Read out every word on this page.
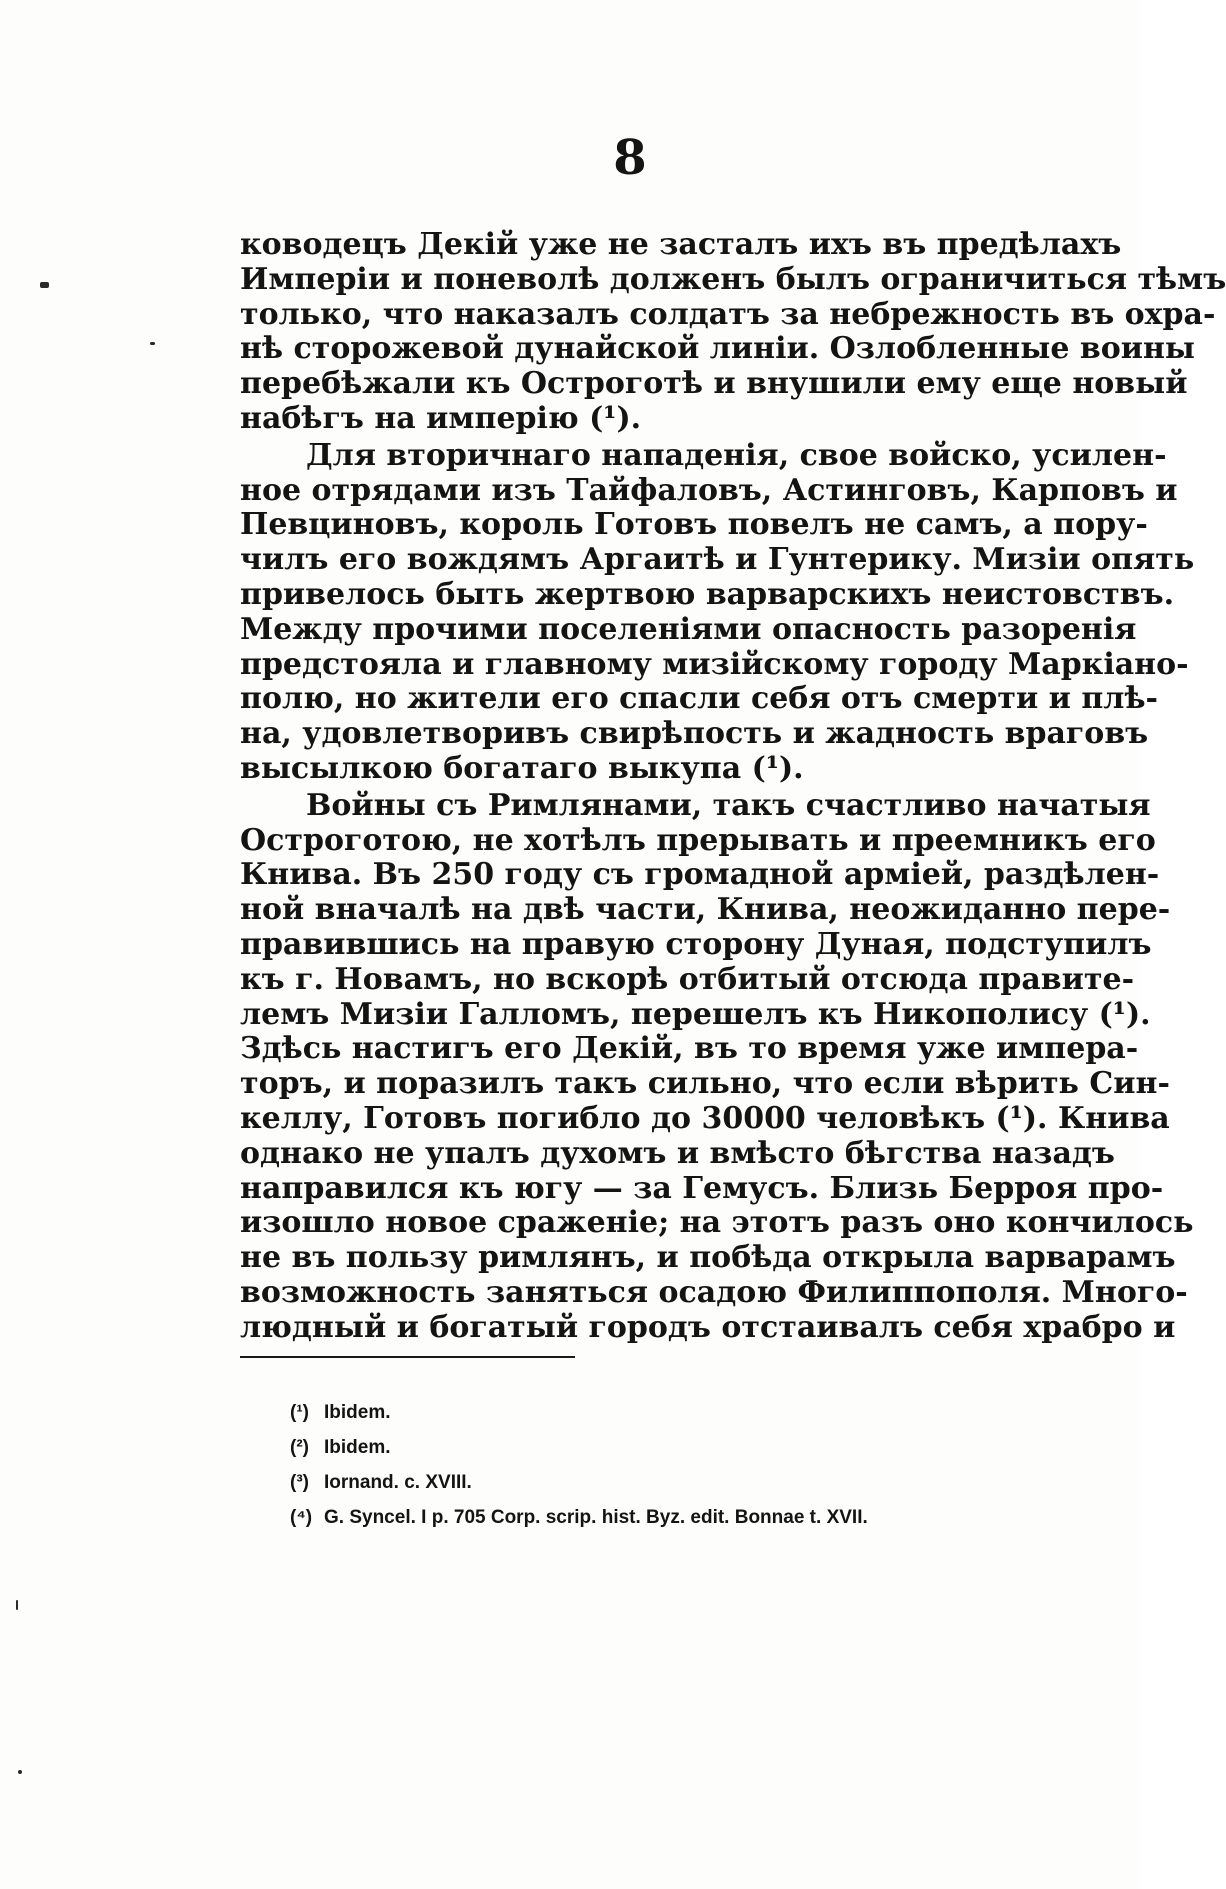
8
ководецъ Декій уже не засталъ ихъ въ предѣлахъ
Имперіи и поневолѣ долженъ былъ ограничиться тѣмъ
только, что наказалъ солдатъ за небрежность въ охра-
нѣ сторожевой дунайской линіи. Озлобленные воины
перебѣжали къ Остроготѣ и внушили ему еще новый
набѣгъ на имперію (¹).
Для вторичнаго нападенія, свое войско, усилен-
ное отрядами изъ Тайфаловъ, Астинговъ, Карповъ и
Певциновъ, король Готовъ повелъ не самъ, а пору-
чилъ его вождямъ Аргаитѣ и Гунтерику. Мизіи опять
привелось быть жертвою варварскихъ неистовствъ.
Между прочими поселеніями опасность разоренія
предстояла и главному мизійскому городу Маркіано-
полю, но жители его спасли себя отъ смерти и плѣ-
на, удовлетворивъ свирѣпость и жадность враговъ
высылкою богатаго выкупа (¹).
Войны съ Римлянами, такъ счастливо начатыя
Остроготою, не хотѣлъ прерывать и преемникъ его
Книва. Въ 250 году съ громадной арміей, раздѣлен-
ной вначалѣ на двѣ части, Книва, неожиданно пере-
правившись на правую сторону Дуная, подступилъ
къ г. Новамъ, но вскорѣ отбитый отсюда правите-
лемъ Мизіи Галломъ, перешелъ къ Никополису (¹).
Здѣсь настигъ его Декій, въ то время уже импера-
торъ, и поразилъ такъ сильно, что если вѣрить Син-
келлу, Готовъ погибло до 30000 человѣкъ (¹). Книва
однако не упалъ духомъ и вмѣсто бѣгства назадъ
направился къ югу — за Гемусъ. Близь Берроя про-
изошло новое сраженіе; на этотъ разъ оно кончилось
не въ пользу римлянъ, и побѣда открыла варварамъ
возможность заняться осадою Филиппополя. Много-
людный и богатый городъ отстаивалъ себя храбро и
(¹) Ibidem.
(²) Ibidem.
(³) Iornand. c. XVIII.
(⁴) G. Syncel. I p. 705 Corp. scrip. hist. Byz. edit. Bonnae t. XVII.
